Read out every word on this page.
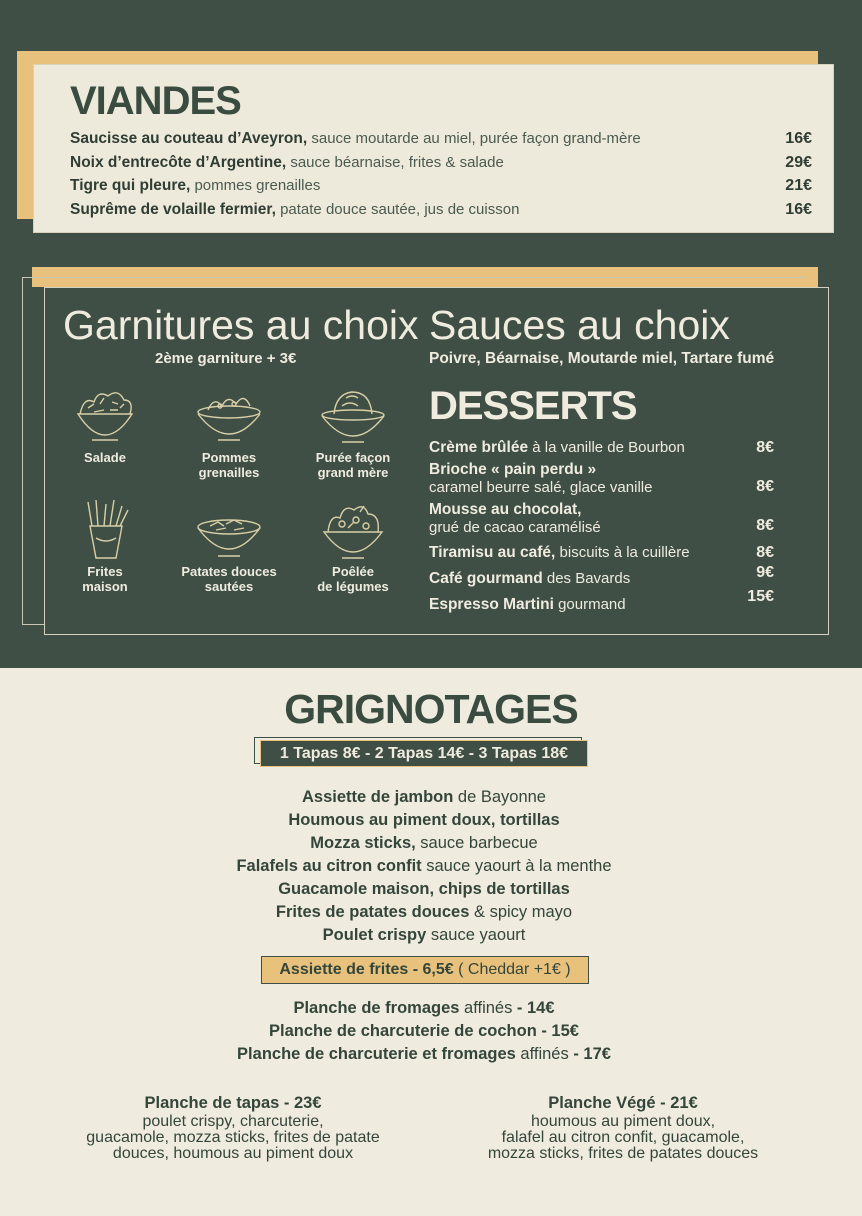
VIANDES
Saucisse au couteau d’Aveyron, sauce moutarde au miel, purée façon grand-mère	16€
Noix d’entrecôte d’Argentine, sauce béarnaise, frites & salade	29€
Tigre qui pleure, pommes grenailles	21€
Suprême de volaille fermier, patate douce sautée, jus de cuisson	16€
Garnitures au choix
2ème garniture + 3€
Salade	Pommes
grenailles
Purée façon
grand mère
Frites
maison
Patates douces
sautées
Poêlée
de légumes
Sauces au choix
Poivre, Béarnaise, Moutarde miel, Tartare fumé
DESSERTS
Crème brûlée à la vanille de Bourbon	8€
Brioche « pain perdu »
caramel beurre salé, glace vanille	8€
Mousse au chocolat,
grué de cacao caramélisé	8€
Tiramisu au café, biscuits à la cuillère	8€
Café gourmand des Bavards	9€
Espresso Martini gourmand	15€
GRIGNOTAGES
1 Tapas 8€ - 2 Tapas 14€ - 3 Tapas 18€
Assiette de jambon de Bayonne
Houmous au piment doux, tortillas
Mozza sticks, sauce barbecue
Falafels au citron confit sauce yaourt à la menthe
Guacamole maison, chips de tortillas
Frites de patates douces & spicy mayo
Poulet crispy sauce yaourt
Assiette de frites - 6,5€ ( Cheddar +1€ )
Planche de fromages affinés - 14€
Planche de charcuterie de cochon - 15€
Planche de charcuterie et fromages affinés - 17€
Planche de tapas - 23€
poulet crispy, charcuterie,
guacamole, mozza sticks, frites de patate
douces, houmous au piment doux
Planche Végé - 21€
houmous au piment doux,
falafel au citron confit, guacamole,
mozza sticks, frites de patates douces
